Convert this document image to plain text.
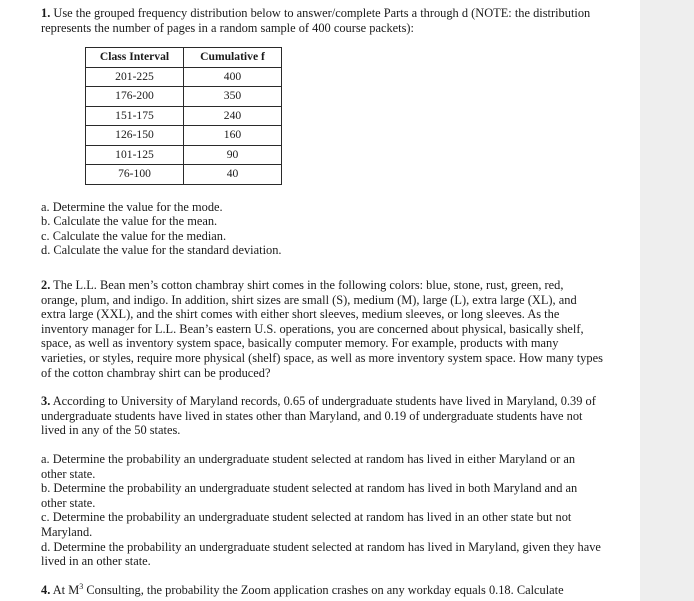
1. Use the grouped frequency distribution below to answer/complete Parts a through d (NOTE: the distribution represents the number of pages in a random sample of 400 course packets):

Class Interval	Cumulative f
201-225	400
176-200	350
151-175	240
126-150	160
101-125	90
76-100	40

a. Determine the value for the mode.

b. Calculate the value for the mean.

c. Calculate the value for the median.

d. Calculate the value for the standard deviation.

2. The L.L. Bean men’s cotton chambray shirt comes in the following colors: blue, stone, rust, green, red, orange, plum, and indigo. In addition, shirt sizes are small (S), medium (M), large (L), extra large (XL), and extra large (XXL), and the shirt comes with either short sleeves, medium sleeves, or long sleeves. As the inventory manager for L.L. Bean’s eastern U.S. operations, you are concerned about physical, basically shelf, space, as well as inventory system space, basically computer memory. For example, products with many varieties, or styles, require more physical (shelf) space, as well as more inventory system space. How many types of the cotton chambray shirt can be produced?

3. According to University of Maryland records, 0.65 of undergraduate students have lived in Maryland, 0.39 of undergraduate students have lived in states other than Maryland, and 0.19 of undergraduate students have not lived in any of the 50 states.

a. Determine the probability an undergraduate student selected at random has lived in either Maryland or an other state.

b. Determine the probability an undergraduate student selected at random has lived in both Maryland and an other state.

c. Determine the probability an undergraduate student selected at random has lived in an other state but not Maryland.

d. Determine the probability an undergraduate student selected at random has lived in Maryland, given they have lived in an other state.

4. At $M^3$ Consulting, the probability the Zoom application crashes on any workday equals 0.18. Calculate
